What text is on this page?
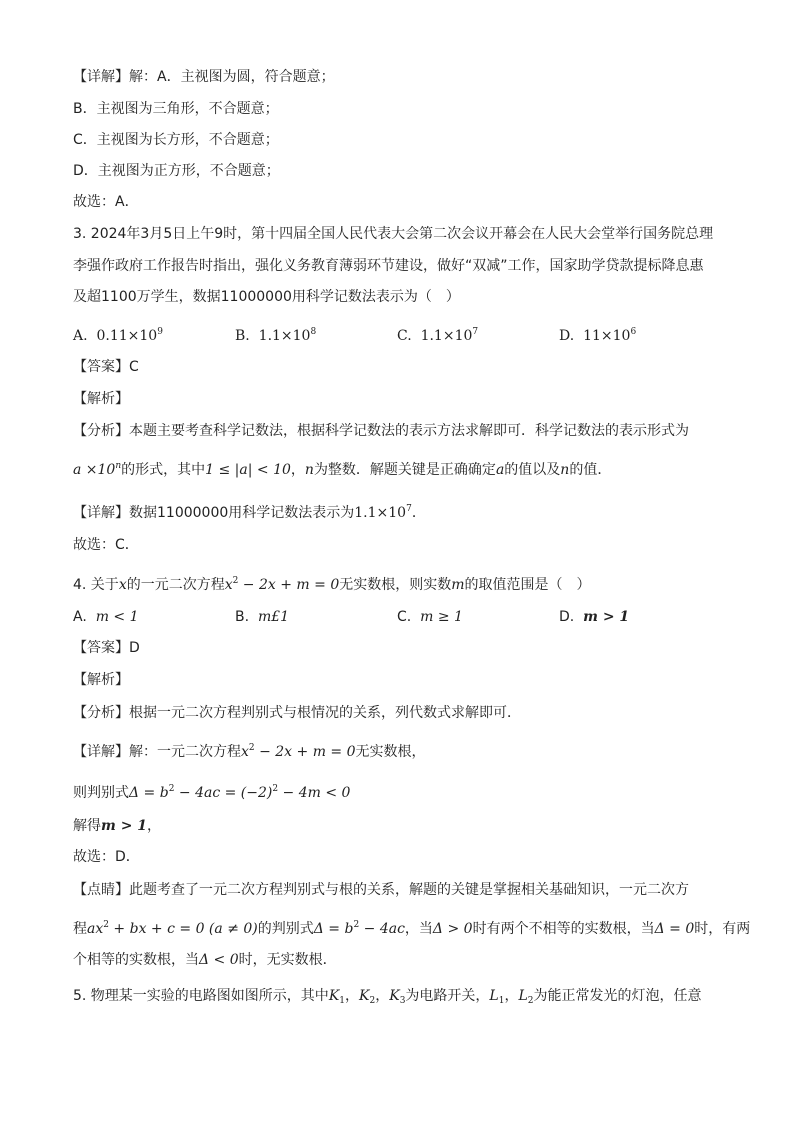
【详解】解：A．主视图为圆，符合题意；
B．主视图为三角形，不合题意；
C．主视图为长方形，不合题意；
D．主视图为正方形，不合题意；
故选：A．
3. 2024年3月5日上午9时，第十四届全国人民代表大会第二次会议开幕会在人民大会堂举行国务院总理
李强作政府工作报告时指出，强化义务教育薄弱环节建设，做好“双减”工作，国家助学贷款提标降息惠
及超1100万学生，数据11000000用科学记数法表示为（　）
A. $0.11\times 10^9$	B. $1.1\times 10^8$	C. $1.1\times 10^7$	D. $11\times 10^6$
【答案】C
【解析】
【分析】本题主要考查科学记数法，根据科学记数法的表示方法求解即可．科学记数法的表示形式为
$a \times 10^n$的形式，其中1 ≤ |a| < 10，n为整数．解题关键是正确确定a的值以及n的值．
【详解】数据11000000用科学记数法表示为$1.1\times 10^7$．
故选：C．
4. 关于x的一元二次方程$x^2 - 2x + m = 0$无实数根，则实数m的取值范围是（　）
A. m < 1	B. m£1	C. m ≥ 1	D. m > 1
【答案】D
【解析】
【分析】根据一元二次方程判别式与根情况的关系，列代数式求解即可．
【详解】解：一元二次方程$x^2 - 2x + m = 0$无实数根，
则判别式$\Delta = b^2 - 4ac = (-2)^2 - 4m < 0$
解得m > 1，
故选：D．
【点睛】此题考查了一元二次方程判别式与根的关系，解题的关键是掌握相关基础知识，一元二次方
程$ax^2$ + bx + c = 0 (a ≠ 0)的判别式$\Delta = b^2 - 4ac$，当Δ > 0时有两个不相等的实数根，当Δ = 0时，有两
个相等的实数根，当Δ < 0时，无实数根．
5. 物理某一实验的电路图如图所示，其中$K_1$，$K_2$，$K_3$为电路开关，$L_1$，$L_2$为能正常发光的灯泡，任意
